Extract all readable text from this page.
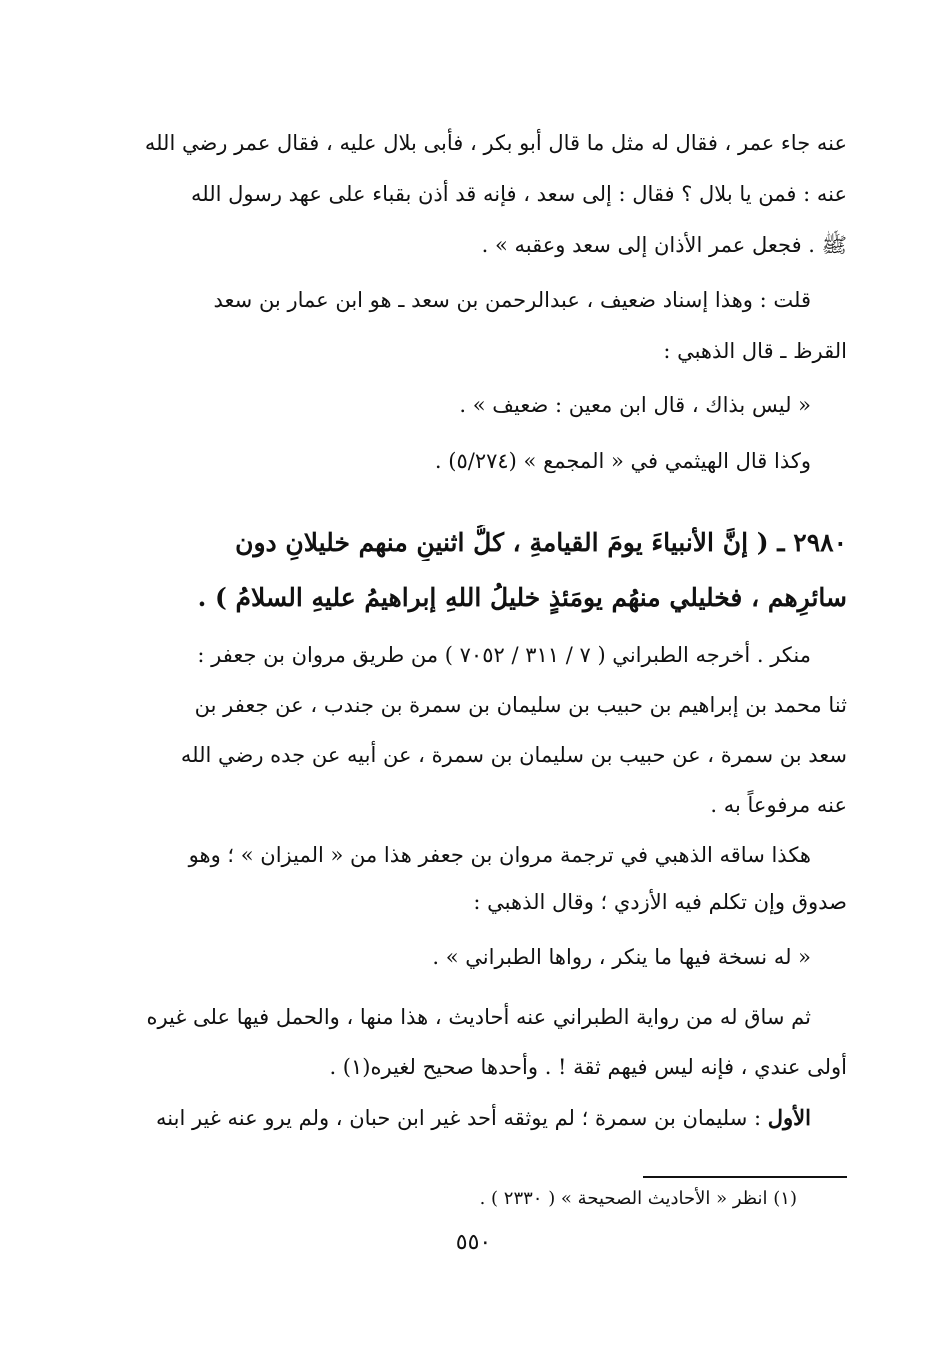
عنه جاء عمر ، فقال له مثل ما قال أبو بكر ، فأبى بلال عليه ، فقال عمر رضي الله
عنه : فمن يا بلال ؟ فقال : إلى سعد ، فإنه قد أذن بقباء على عهد رسول الله
ﷺ . فجعل عمر الأذان إلى سعد وعقبه » .
قلت : وهذا إسناد ضعيف ، عبدالرحمن بن سعد ـ هو ابن عمار بن سعد
القرظ ـ قال الذهبي :
« ليس بذاك ، قال ابن معين : ضعيف » .
وكذا قال الهيثمي في « المجمع » (٥/٢٧٤) .
٢٩٨٠ ـ ( إنَّ الأنبياءَ يومَ القيامةِ ، كلُّ اثنينِ منهم خليلانِ دون
سائرِهم ، فخليلي منهُم يومَئذٍ خليلُ اللهِ إبراهيمُ عليهِ السلامُ ) .
منكر . أخرجه الطبراني ( ٧ / ٣١١ / ٧٠٥٢ ) من طريق مروان بن جعفر :
ثنا محمد بن إبراهيم بن حبيب بن سليمان بن سمرة بن جندب ، عن جعفر بن
سعد بن سمرة ، عن حبيب بن سليمان بن سمرة ، عن أبيه عن جده رضي الله
عنه مرفوعاً به .
هكذا ساقه الذهبي في ترجمة مروان بن جعفر هذا من « الميزان » ؛ وهو
صدوق وإن تكلم فيه الأزدي ؛ وقال الذهبي :
« له نسخة فيها ما ينكر ، رواها الطبراني » .
ثم ساق له من رواية الطبراني عنه أحاديث ، هذا منها ، والحمل فيها على غيره
أولى عندي ، فإنه ليس فيهم ثقة ! . وأحدها صحيح لغيره(١) .
الأول : سليمان بن سمرة ؛ لم يوثقه أحد غير ابن حبان ، ولم يرو عنه غير ابنه
(١) انظر « الأحاديث الصحيحة » ( ٢٣٣٠ ) .
٥٥٠
